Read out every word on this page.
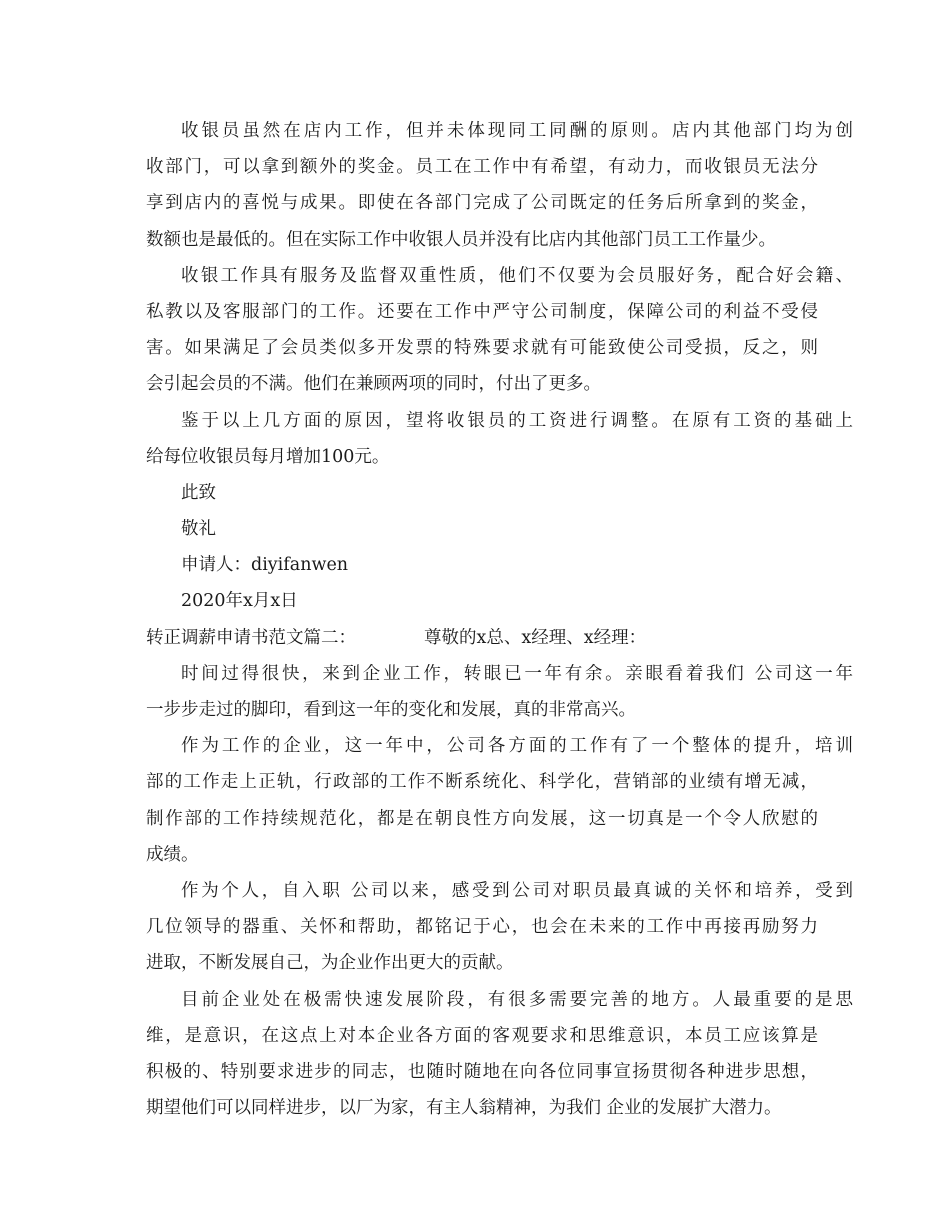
收银员虽然在店内工作，但并未体现同工同酬的原则。店内其他部门均为创
收部门，可以拿到额外的奖金。员工在工作中有希望，有动力，而收银员无法分
享到店内的喜悦与成果。即使在各部门完成了公司既定的任务后所拿到的奖金，
数额也是最低的。但在实际工作中收银人员并没有比店内其他部门员工工作量少。
收银工作具有服务及监督双重性质，他们不仅要为会员服好务，配合好会籍、
私教以及客服部门的工作。还要在工作中严守公司制度，保障公司的利益不受侵
害。如果满足了会员类似多开发票的特殊要求就有可能致使公司受损，反之，则
会引起会员的不满。他们在兼顾两项的同时，付出了更多。
鉴于以上几方面的原因，望将收银员的工资进行调整。在原有工资的基础上
给每位收银员每月增加100元。
此致
敬礼
申请人：diyifanwen
2020年x月x日
转正调薪申请书范文篇二：	尊敬的x总、x经理、x经理：
时间过得很快，来到企业工作，转眼已一年有余。亲眼看着我们 公司这一年
一步步走过的脚印，看到这一年的变化和发展，真的非常高兴。
作为工作的企业，这一年中，公司各方面的工作有了一个整体的提升，培训
部的工作走上正轨，行政部的工作不断系统化、科学化，营销部的业绩有增无减，
制作部的工作持续规范化，都是在朝良性方向发展，这一切真是一个令人欣慰的
成绩。
作为个人，自入职 公司以来，感受到公司对职员最真诚的关怀和培养，受到
几位领导的器重、关怀和帮助，都铭记于心，也会在未来的工作中再接再励努力
进取，不断发展自己，为企业作出更大的贡献。
目前企业处在极需快速发展阶段，有很多需要完善的地方。人最重要的是思
维，是意识，在这点上对本企业各方面的客观要求和思维意识，本员工应该算是
积极的、特别要求进步的同志，也随时随地在向各位同事宣扬贯彻各种进步思想，
期望他们可以同样进步，以厂为家，有主人翁精神，为我们 企业的发展扩大潜力。
